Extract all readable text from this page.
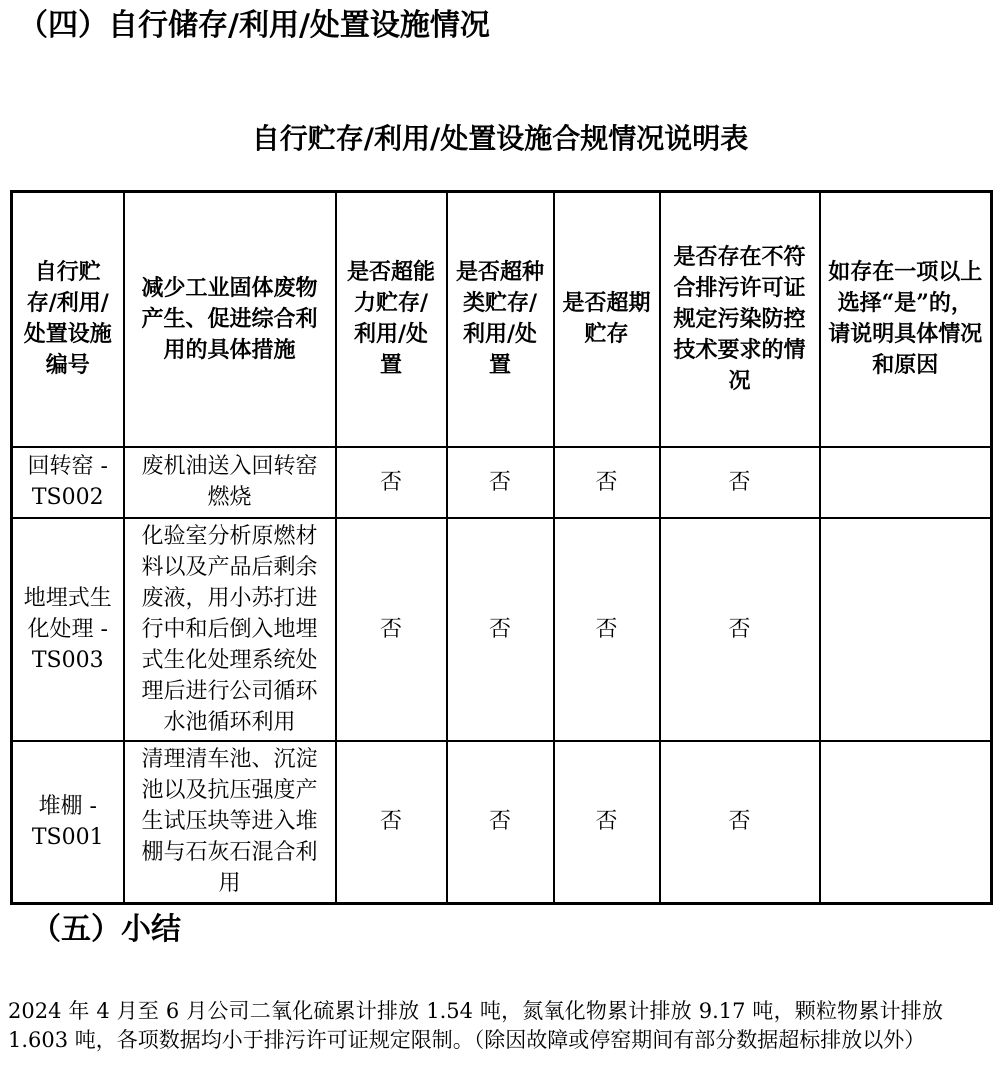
（四）自行储存/利用/处置设施情况
自行贮存/利用/处置设施合规情况说明表
自行贮存/利用/处置设施编号	减少工业固体废物产生、促进综合利用的具体措施	是否超能力贮存/利用/处置	是否超种类贮存/利用/处置	是否超期贮存	是否存在不符合排污许可证规定污染防控技术要求的情况	如存在一项以上选择“是”的，请说明具体情况和原因
回转窑 - TS002	废机油送入回转窑燃烧	否	否	否	否	
地埋式生化处理 - TS003	化验室分析原燃材料以及产品后剩余废液，用小苏打进行中和后倒入地埋式生化处理系统处理后进行公司循环水池循环利用	否	否	否	否	
堆棚 - TS001	清理清车池、沉淀池以及抗压强度产生试压块等进入堆棚与石灰石混合利用	否	否	否	否	
（五）小结

2024 年 4 月至 6 月公司二氧化硫累计排放 1.54 吨，氮氧化物累计排放 9.17 吨，颗粒物累计排放 1.603 吨，各项数据均小于排污许可证规定限制。（除因故障或停窑期间有部分数据超标排放以外）
